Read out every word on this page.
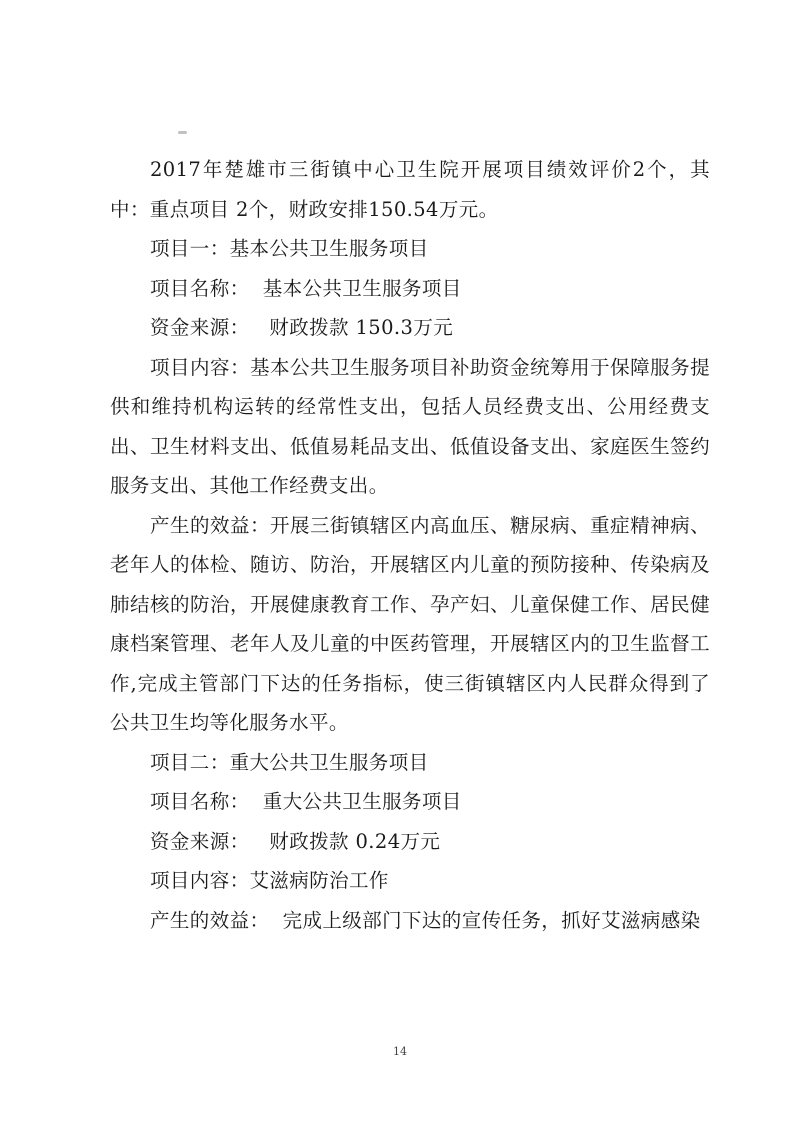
2017年楚雄市三街镇中心卫生院开展项目绩效评价2个，其中：重点项目 2个，财政安排150.54万元。

项目一：基本公共卫生服务项目

项目名称：  基本公共卫生服务项目

资金来源：   财政拨款 150.3万元

项目内容：基本公共卫生服务项目补助资金统筹用于保障服务提供和维持机构运转的经常性支出，包括人员经费支出、公用经费支出、卫生材料支出、低值易耗品支出、低值设备支出、家庭医生签约服务支出、其他工作经费支出。

产生的效益：开展三街镇辖区内高血压、糖尿病、重症精神病、老年人的体检、随访、防治，开展辖区内儿童的预防接种、传染病及肺结核的防治，开展健康教育工作、孕产妇、儿童保健工作、居民健康档案管理、老年人及儿童的中医药管理，开展辖区内的卫生监督工作,完成主管部门下达的任务指标，使三街镇辖区内人民群众得到了公共卫生均等化服务水平。

项目二：重大公共卫生服务项目

项目名称：  重大公共卫生服务项目

资金来源：   财政拨款 0.24万元

项目内容：艾滋病防治工作

产生的效益：  完成上级部门下达的宣传任务，抓好艾滋病感染

14
